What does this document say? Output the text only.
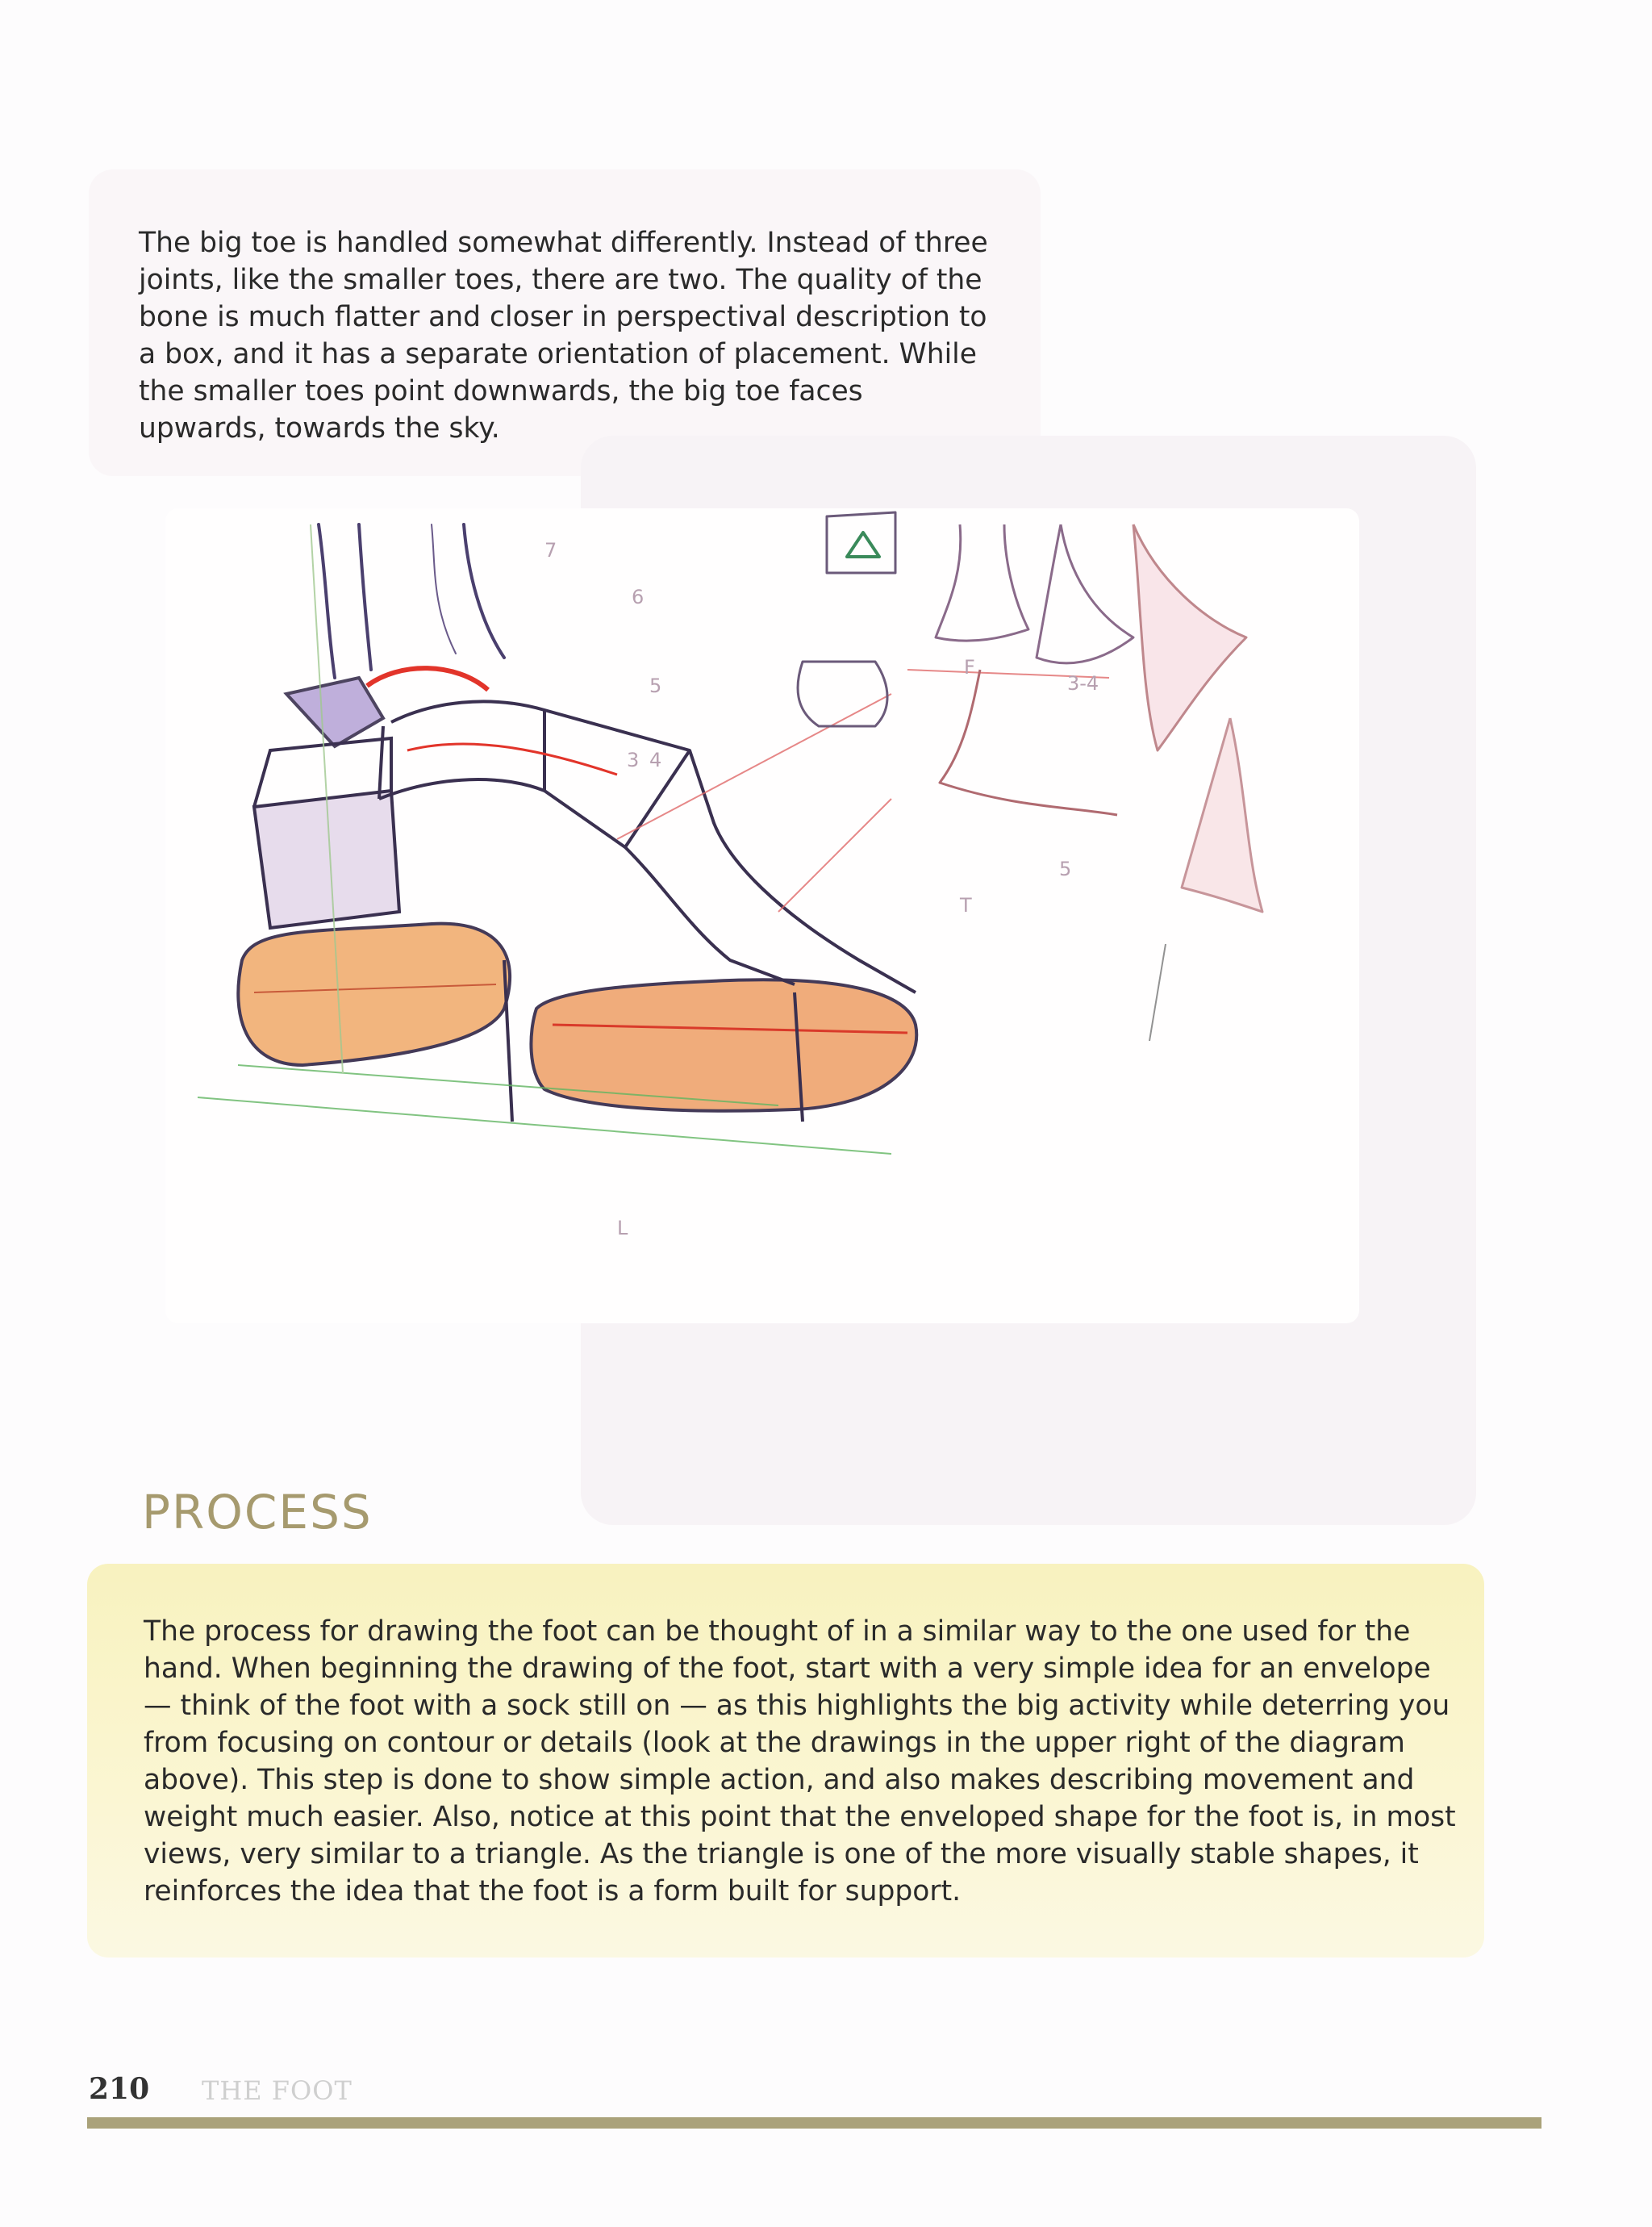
The big toe is handled somewhat differently. Instead of three joints, like the smaller toes, there are two. The quality of the bone is much flatter and closer in perspectival description to a box, and it has a separate orientation of placement. While the smaller toes point downwards, the big toe faces upwards, towards the sky.

7
6
5
3 4
F
3-4
5
L
T
PROCESS

The process for drawing the foot can be thought of in a similar way to the one used for the hand. When beginning the drawing of the foot, start with a very simple idea for an envelope — think of the foot with a sock still on — as this highlights the big activity while deterring you from focusing on contour or details (look at the drawings in the upper right of the diagram above). This step is done to show simple action, and also makes describing movement and weight much easier. Also, notice at this point that the enveloped shape for the foot is, in most views, very similar to a triangle. As the triangle is one of the more visually stable shapes, it reinforces the idea that the foot is a form built for support.

210 THE FOOT
